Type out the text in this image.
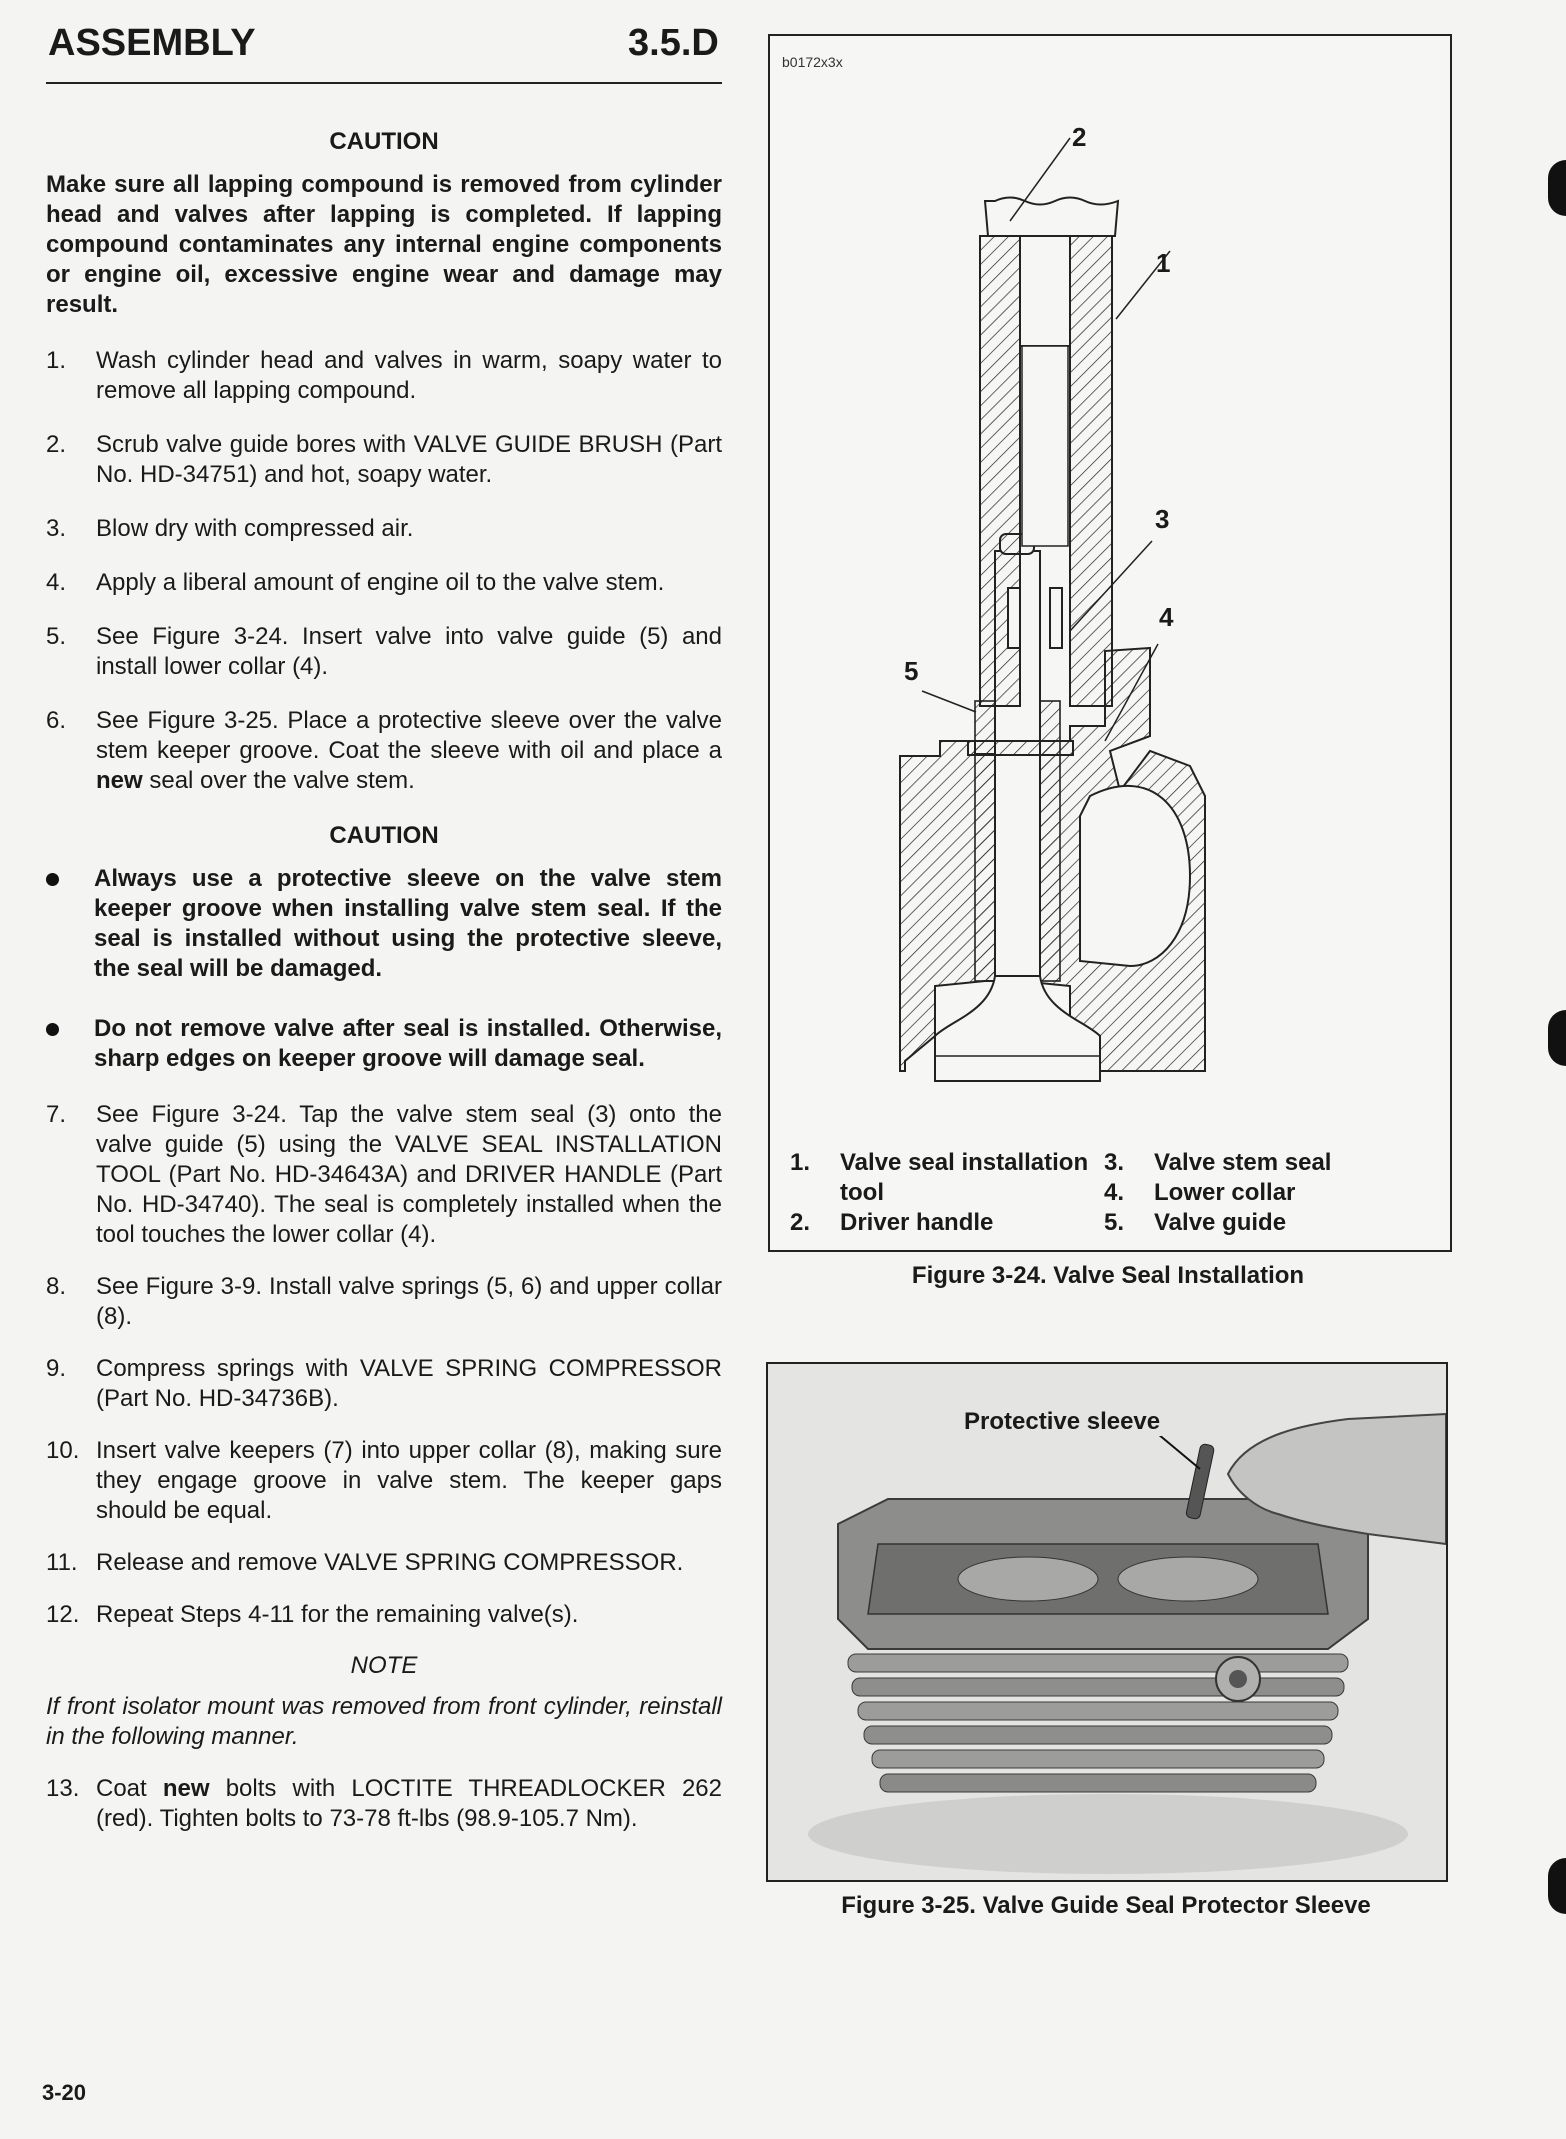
ASSEMBLY	3.5.D
CAUTION
Make sure all lapping compound is removed from cylinder head and valves after lapping is completed. If lapping compound contaminates any internal engine components or engine oil, excessive engine wear and damage may result.
1. Wash cylinder head and valves in warm, soapy water to remove all lapping compound.
2. Scrub valve guide bores with VALVE GUIDE BRUSH (Part No. HD-34751) and hot, soapy water.
3. Blow dry with compressed air.
4. Apply a liberal amount of engine oil to the valve stem.
5. See Figure 3-24. Insert valve into valve guide (5) and install lower collar (4).
6. See Figure 3-25. Place a protective sleeve over the valve stem keeper groove. Coat the sleeve with oil and place a new seal over the valve stem.
CAUTION
Always use a protective sleeve on the valve stem keeper groove when installing valve stem seal. If the seal is installed without using the protective sleeve, the seal will be damaged.
Do not remove valve after seal is installed. Otherwise, sharp edges on keeper groove will damage seal.
7. See Figure 3-24. Tap the valve stem seal (3) onto the valve guide (5) using the VALVE SEAL INSTALLATION TOOL (Part No. HD-34643A) and DRIVER HANDLE (Part No. HD-34740). The seal is completely installed when the tool touches the lower collar (4).
8. See Figure 3-9. Install valve springs (5, 6) and upper collar (8).
9. Compress springs with VALVE SPRING COMPRESSOR (Part No. HD-34736B).
10. Insert valve keepers (7) into upper collar (8), making sure they engage groove in valve stem. The keeper gaps should be equal.
11. Release and remove VALVE SPRING COMPRESSOR.
12. Repeat Steps 4-11 for the remaining valve(s).
NOTE
If front isolator mount was removed from front cylinder, reinstall in the following manner.
13. Coat new bolts with LOCTITE THREADLOCKER 262 (red). Tighten bolts to 73-78 ft-lbs (98.9-105.7 Nm).
b0172x3x
1
2
3
4
5
1. Valve seal installation tool
2. Driver handle
3. Valve stem seal
4. Lower collar
5. Valve guide
Figure 3-24. Valve Seal Installation
Protective sleeve
Figure 3-25. Valve Guide Seal Protector Sleeve
3-20
